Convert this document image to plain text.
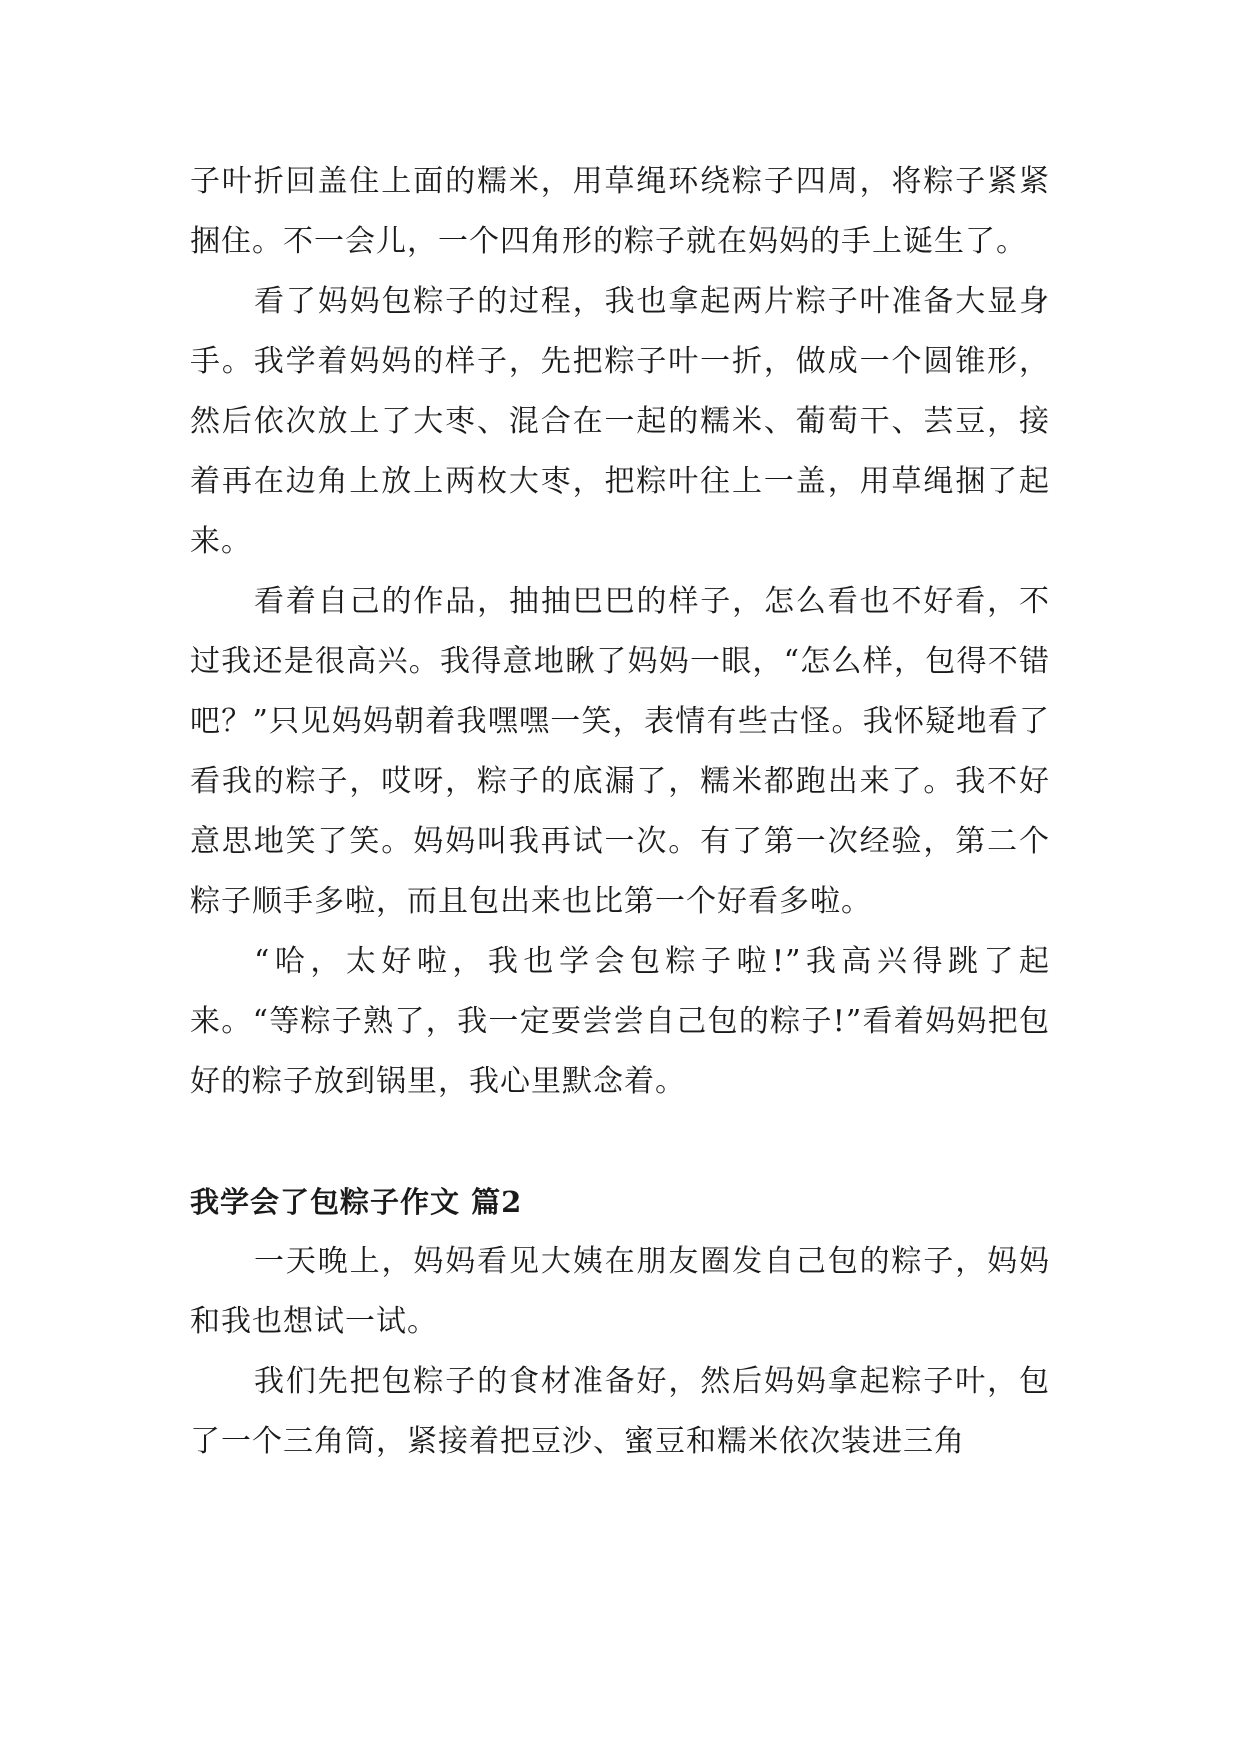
子叶折回盖住上面的糯米，用草绳环绕粽子四周，将粽子紧紧捆住。不一会儿，一个四角形的粽子就在妈妈的手上诞生了。

看了妈妈包粽子的过程，我也拿起两片粽子叶准备大显身手。我学着妈妈的样子，先把粽子叶一折，做成一个圆锥形，然后依次放上了大枣、混合在一起的糯米、葡萄干、芸豆，接着再在边角上放上两枚大枣，把粽叶往上一盖，用草绳捆了起来。

看着自己的作品，抽抽巴巴的样子，怎么看也不好看，不过我还是很高兴。我得意地瞅了妈妈一眼，“怎么样，包得不错吧？”只见妈妈朝着我嘿嘿一笑，表情有些古怪。我怀疑地看了看我的粽子，哎呀，粽子的底漏了，糯米都跑出来了。我不好意思地笑了笑。妈妈叫我再试一次。有了第一次经验，第二个粽子顺手多啦，而且包出来也比第一个好看多啦。

“哈，太好啦，我也学会包粽子啦!”我高兴得跳了起来。“等粽子熟了，我一定要尝尝自己包的粽子!”看着妈妈把包好的粽子放到锅里，我心里默念着。

我学会了包粽子作文 篇2

一天晚上，妈妈看见大姨在朋友圈发自己包的粽子，妈妈和我也想试一试。

我们先把包粽子的食材准备好，然后妈妈拿起粽子叶，包了一个三角筒，紧接着把豆沙、蜜豆和糯米依次装进三角
